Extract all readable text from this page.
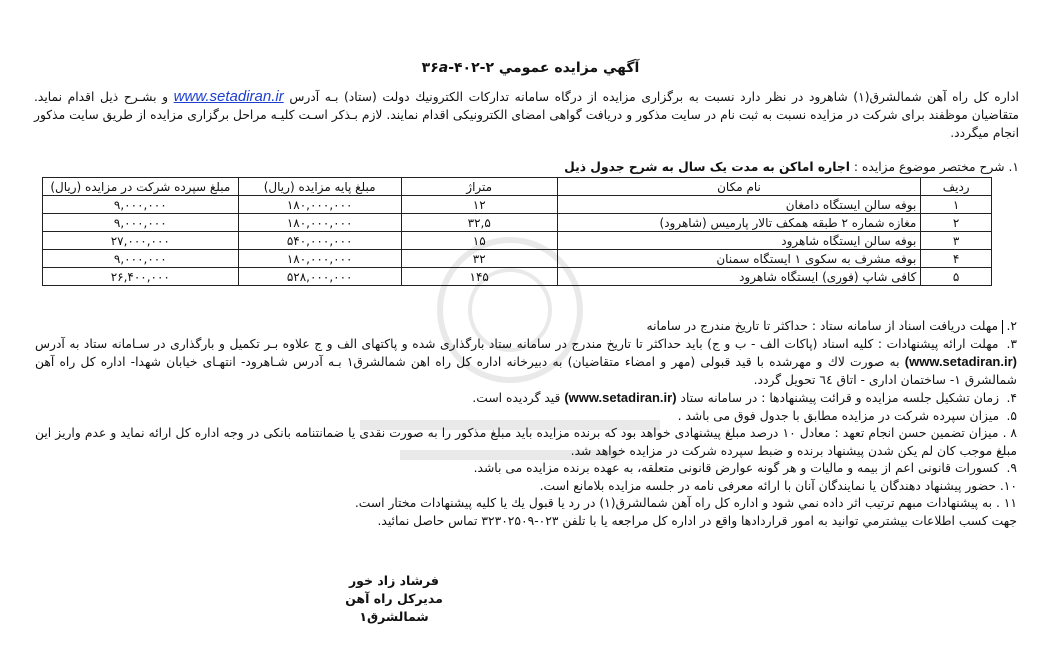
آگهي مزايده عمومي ۲-۴۰۲-۳۶a
اداره کل راه آهن شمالشرق(۱) شاهرود در نظر دارد نسبت به برگزاری مزايده از درگاه سامانه تداركات الكترونيك دولت (ستاد) بـه آدرس www.setadiran.ir و بشـرح ذيل اقدام نمايد. متقاضيان موظفند برای شركت در مزايده نسبت به ثبت نام در سايت مذكور و دريافت گواهی امضای الكترونيكی اقدام نمايند. لازم بـذكر اسـت كليـه مراحل برگزاری مزايده از طريق سايت مذكور انجام ميگردد.
۱. شرح مختصر موضوع مزايده : اجاره اماكن به مدت يک سال به شرح جدول ذيل
رديف	نام مكان	متراژ	مبلغ پايه مزايده (ريال)	مبلغ سپرده شركت در مزايده (ريال)
۱	بوفه سالن ايستگاه دامغان	۱۲	۱۸۰,۰۰۰,۰۰۰	۹,۰۰۰,۰۰۰
۲	مغازه شماره ۲ طبقه همكف تالار پارميس (شاهرود)	۳۲,۵	۱۸۰,۰۰۰,۰۰۰	۹,۰۰۰,۰۰۰
۳	بوفه سالن ايستگاه شاهرود	۱۵	۵۴۰,۰۰۰,۰۰۰	۲۷,۰۰۰,۰۰۰
۴	بوفه مشرف به سكوی ۱ ايستگاه سمنان	۳۲	۱۸۰,۰۰۰,۰۰۰	۹,۰۰۰,۰۰۰
۵	كافی شاپ (فوری) ايستگاه شاهرود	۱۴۵	۵۲۸,۰۰۰,۰۰۰	۲۶,۴۰۰,۰۰۰

۲. مهلت دريافت اسناد از سامانه ستاد : حداكثر تا تاريخ مندرج در سامانه

۳. مهلت ارائه پيشنهادات : كليه اسناد (پاكات الف - ب و ج) بايد حداكثر تا تاريخ مندرج در سامانه ستاد بارگذاری شده و پاكتهای الف و ج علاوه بـر تكميل و بارگذاری در سـامانه ستاد به آدرس (www.setadiran.ir) به صورت لاك و مهرشده با قيد قبولی (مهر و امضاء متقاضيان) به دبيرخانه اداره كل راه اهن شمالشرق۱ بـه آدرس شـاهرود- انتهـای خيابان شهدا- اداره كل راه آهن شمالشرق ۱- ساختمان اداری - اتاق ٦٤ تحويل گردد.

۴. زمان تشكيل جلسه مزايده و قرائت پيشنهادها : در سامانه ستاد (www.setadiran.ir) قيد گرديده است.

۵. ميزان سپرده شركت در مزايده مطابق با جدول فوق می باشد .

۸ . ميزان تضمين حسن انجام تعهد : معادل ۱۰ درصد مبلغ پيشنهادی خواهد بود كه برنده مزايده بايد مبلغ مذكور را به صورت نقدی يا ضمانتنامه بانكی در وجه اداره كل ارائه نمايد و عدم واريز اين مبلغ موجب كان لم يكن شدن پيشنهاد برنده و ضبط سپرده شركت در مزايده خواهد شد.

۹. كسورات قانونی اعم از بيمه و ماليات و هر گونه عوارض قانونی متعلقه، به عهده برنده مزايده می باشد.

۱۰. حضور پيشنهاد دهندگان يا نمايندگان آنان با ارائه معرفی نامه در جلسه مزايده بلامانع است.

۱۱ . به پيشنهادات مبهم ترتيب اثر داده نمي شود و اداره كل راه آهن شمالشرق(۱) در رد يا قبول يك يا كليه پيشنهادات مختار است.

جهت كسب اطلاعات بيشترمي توانيد به امور قراردادها واقع در اداره كل مراجعه يا با تلفن ۰۲۳-۳۲۳۰۲۵۰۹ تماس حاصل نمائيد.

فرشاد زاد خور
مديركل راه آهن شمالشرق۱
